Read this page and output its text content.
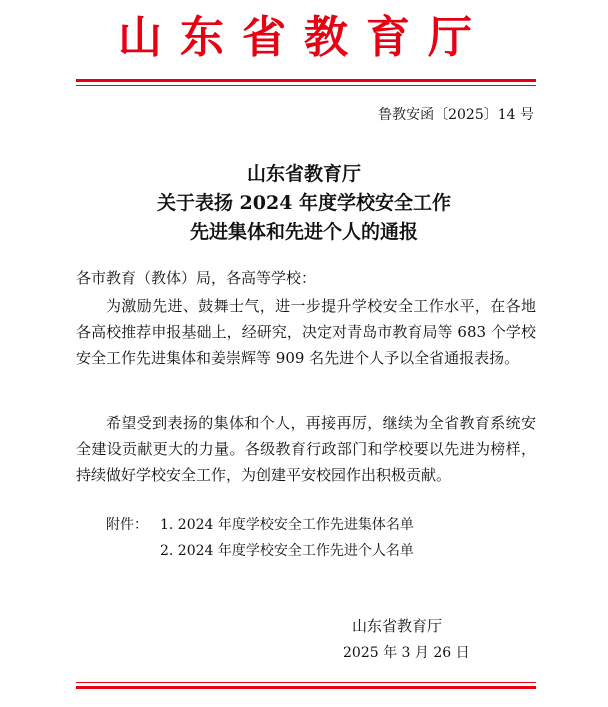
山东省教育厅
鲁教安函〔2025〕14 号
山东省教育厅
关于表扬 2024 年度学校安全工作
先进集体和先进个人的通报
各市教育（教体）局，各高等学校：
为激励先进、鼓舞士气，进一步提升学校安全工作水平，在各地各高校推荐申报基础上，经研究，决定对青岛市教育局等 683 个学校安全工作先进集体和姜崇辉等 909 名先进个人予以全省通报表扬。
希望受到表扬的集体和个人，再接再厉，继续为全省教育系统安全建设贡献更大的力量。各级教育行政部门和学校要以先进为榜样，持续做好学校安全工作，为创建平安校园作出积极贡献。
附件： 1. 2024 年度学校安全工作先进集体名单
2. 2024 年度学校安全工作先进个人名单
山东省教育厅
2025 年 3 月 26 日
